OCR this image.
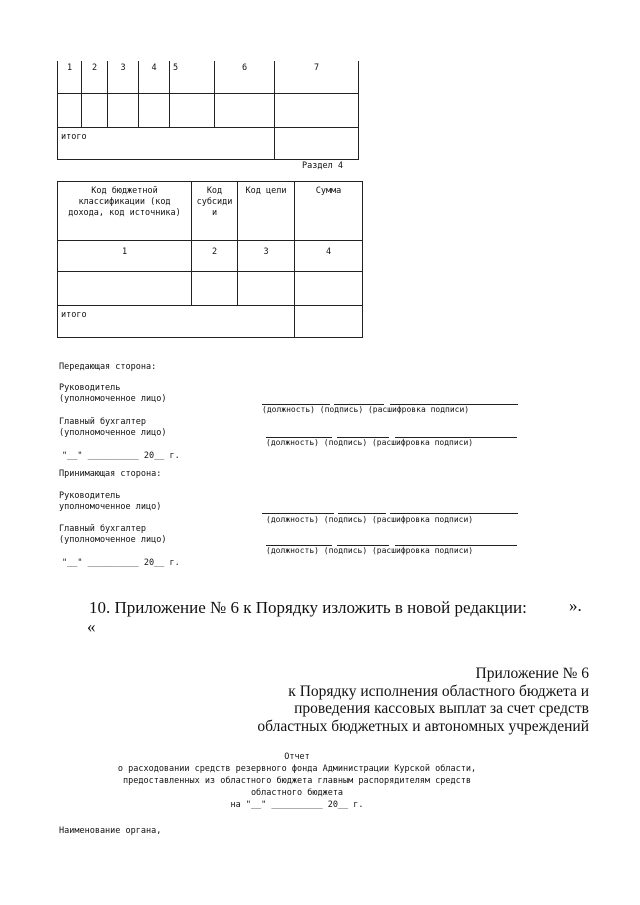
1	2	3	4	5	6	7

итого						
Раздел 4
Код бюджетной классификации (код дохода, код источника)	Код субсиди и	Код цели	Сумма
1	2	3	4

итого			
Передающая сторона:
Руководитель
(уполномоченное лицо)
Главный бухгалтер
(уполномоченное лицо)
"__" __________ 20__ г.
(должность) (подпись) (расшифровка подписи)
(должность) (подпись) (расшифровка подписи)
Принимающая сторона:
Руководитель
уполномоченное лицо)
Главный бухгалтер
(уполномоченное лицо)
"__" __________ 20__ г.
(должность) (подпись) (расшифровка подписи)
(должность) (подпись) (расшифровка подписи)
».
10. Приложение № 6 к Порядку изложить в новой редакции:
«
Приложение № 6
к Порядку исполнения областного бюджета и
проведения кассовых выплат за счет средств
областных бюджетных и автономных учреждений
Отчет
о расходовании средств резервного фонда Администрации Курской области,
предоставленных из областного бюджета главным распорядителям средств
областного бюджета
на "__" __________ 20__ г.
Наименование органа,
